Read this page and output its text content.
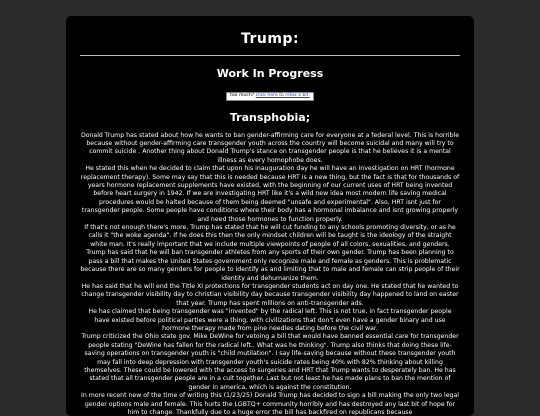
Trump:
Work In Progress
too much? click here to relax a bit.
Transphobia;

Donald Trump has stated about how he wants to ban gender-affirming care for everyone at a federal level. This is horrible because without gender-affirming care transgender youth across the country will become suicidal and many will try to commit suicide . Another thing about Donald Trump's stance on transgender people is that he believes it is a mental illness as every homophobe does.

He stated this when he decided to claim that upon his inauguration day he will have an investigation on HRT (hormone replacement therapy). Some may say that this is needed because HRT is a new thing, but the fact is that for thousands of years hormone replacement supplements have existed, with the beginning of our current uses of HRT being invented before heart surgery in 1942. If we are investigating HRT like it's a wild new idea most modern life saving medical procedures would be halted because of them being deemed "unsafe and experimental". Also, HRT isnt just for transgender people. Some people have conditions where their body has a hormonal imbalance and isnt growing properly and need those hormones to function properly.

If that's not enough there's more. Trump has stated that he will cut funding to any schools promoting diversity, or as he calls it "the woke agenda". If he does this then the only mindset children will be taught is the ideology of the straight white man. It's really important that we include multiple viewpoints of people of all colors, sexualities, and genders.

Trump has said that he will ban transgender athletes from any sports of their own gender. Trump has been planning to pass a bill that makes the United States government only recognize male and female as genders. This is problematic because there are so many genders for people to identify as and limiting that to male and female can strip people of their identity and dehumanize them.

He has said that he will end the Title XI protections for transgender students act on day one. He stated that he wanted to change transgender visibility day to christian visibility day because transgender visibility day happened to land on easter that year. Trump has spent millions on anti-transgender ads.

He has claimed that being transgender was "invented" by the radical left. This is not true, in fact transgender people have existed before political parties were a thing, with civilizations that don't even have a gender binary and use hormone therapy made from pine needles dating before the civil war.

Trump criticized the Ohio state gov. Mike DeWine for vetoing a bill that would have banned essential care for transgender people stating "DeWine has fallen for the radical left.. What was he thinking". Trump also thinks that doing these life-saving operations on transgender youth is "child mutilation". I say life-saving because without these transgender youth may fall into deep depression with transgender youth's suicide rates being 40% with 82% thinking about killing themselves. These could be lowered with the access to surgeries and HRT that Trump wants to desperately ban. He has stated that all transgender people are in a cult together. Last but not least he has made plans to ban the mention of gender in america, which is against the constitution.

In more recent new of the time of writing this (1/23/25) Donald Trump has decided to sign a bill making the only two legal gender options male and female. This hurts the LGBTQ+ community horribly and has destroyed any last bit of hope for him to change. Thankfully due to a huge error the bill has backfired on republicans because
